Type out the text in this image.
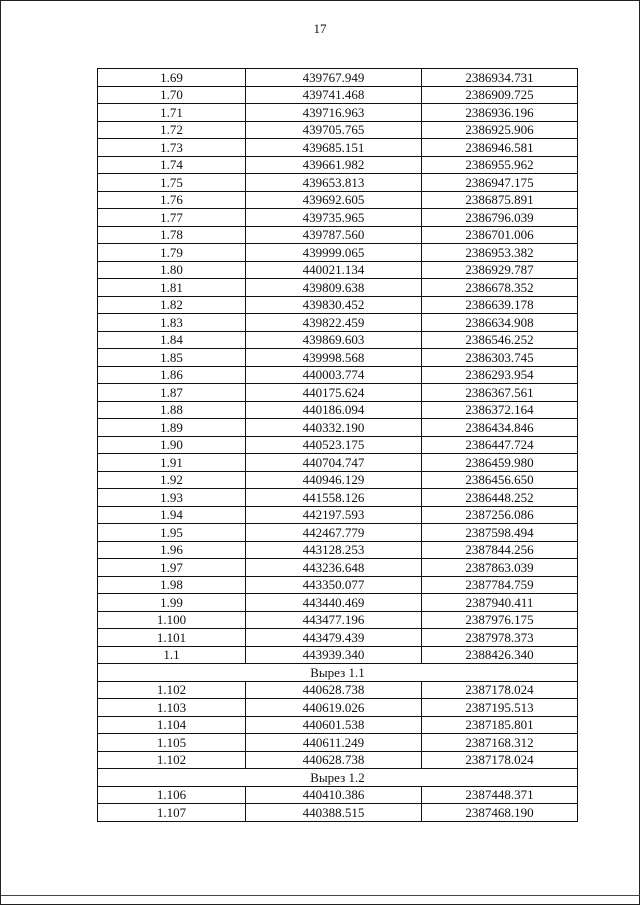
17
1.69	439767.949	2386934.731
1.70	439741.468	2386909.725
1.71	439716.963	2386936.196
1.72	439705.765	2386925.906
1.73	439685.151	2386946.581
1.74	439661.982	2386955.962
1.75	439653.813	2386947.175
1.76	439692.605	2386875.891
1.77	439735.965	2386796.039
1.78	439787.560	2386701.006
1.79	439999.065	2386953.382
1.80	440021.134	2386929.787
1.81	439809.638	2386678.352
1.82	439830.452	2386639.178
1.83	439822.459	2386634.908
1.84	439869.603	2386546.252
1.85	439998.568	2386303.745
1.86	440003.774	2386293.954
1.87	440175.624	2386367.561
1.88	440186.094	2386372.164
1.89	440332.190	2386434.846
1.90	440523.175	2386447.724
1.91	440704.747	2386459.980
1.92	440946.129	2386456.650
1.93	441558.126	2386448.252
1.94	442197.593	2387256.086
1.95	442467.779	2387598.494
1.96	443128.253	2387844.256
1.97	443236.648	2387863.039
1.98	443350.077	2387784.759
1.99	443440.469	2387940.411
1.100	443477.196	2387976.175
1.101	443479.439	2387978.373
1.1	443939.340	2388426.340
Вырез 1.1		
1.102	440628.738	2387178.024
1.103	440619.026	2387195.513
1.104	440601.538	2387185.801
1.105	440611.249	2387168.312
1.102	440628.738	2387178.024
Вырез 1.2		
1.106	440410.386	2387448.371
1.107	440388.515	2387468.190
